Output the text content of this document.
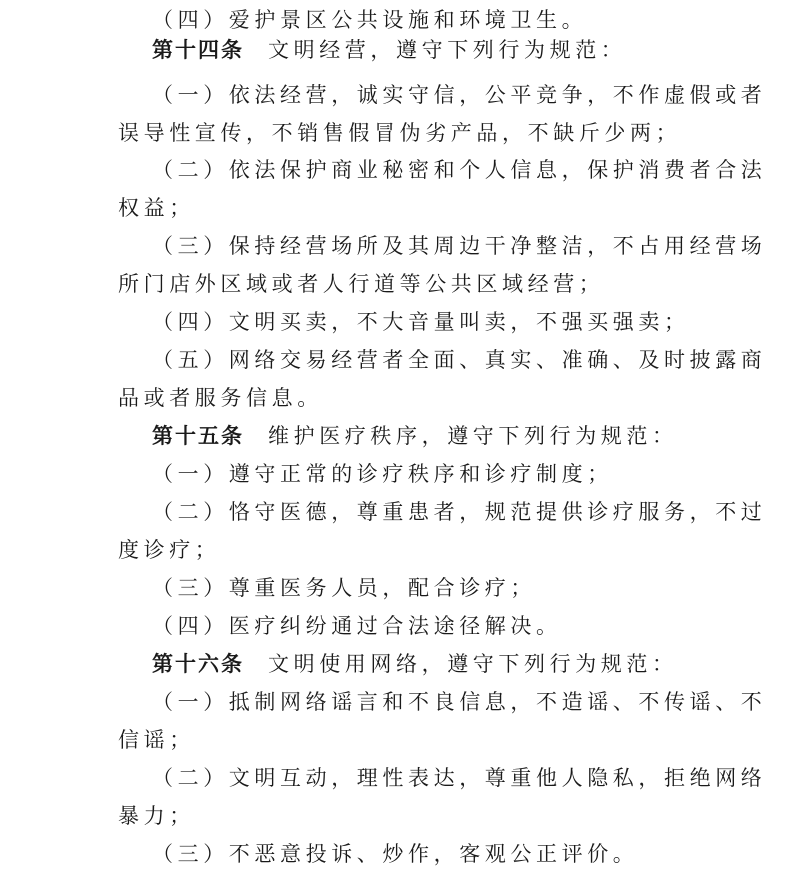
（四）爱护景区公共设施和环境卫生。
第十四条 文明经营，遵守下列行为规范：
（一）依法经营，诚实守信，公平竞争，不作虚假或者
误导性宣传，不销售假冒伪劣产品，不缺斤少两；
（二）依法保护商业秘密和个人信息，保护消费者合法
权益；
（三）保持经营场所及其周边干净整洁，不占用经营场
所门店外区域或者人行道等公共区域经营；
（四）文明买卖，不大音量叫卖，不强买强卖；
（五）网络交易经营者全面、真实、准确、及时披露商
品或者服务信息。
第十五条 维护医疗秩序，遵守下列行为规范：
（一）遵守正常的诊疗秩序和诊疗制度；
（二）恪守医德，尊重患者，规范提供诊疗服务，不过
度诊疗；
（三）尊重医务人员，配合诊疗；
（四）医疗纠纷通过合法途径解决。
第十六条 文明使用网络，遵守下列行为规范：
（一）抵制网络谣言和不良信息，不造谣、不传谣、不
信谣；
（二）文明互动，理性表达，尊重他人隐私，拒绝网络
暴力；
（三）不恶意投诉、炒作，客观公正评价。
